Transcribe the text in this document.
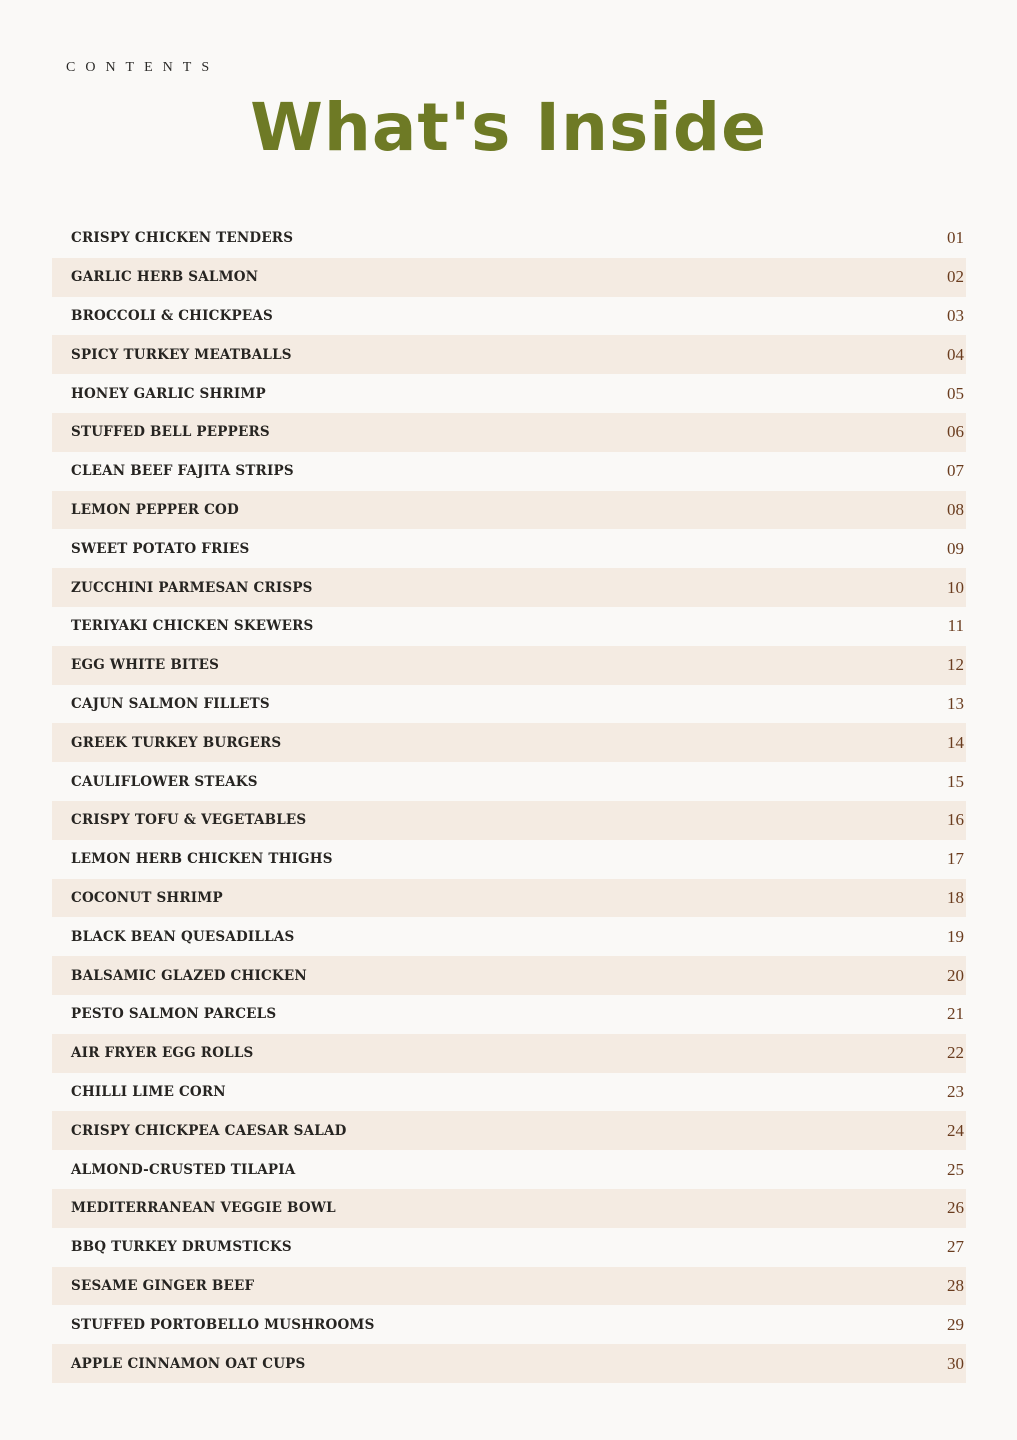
CONTENTS
What's Inside
CRISPY CHICKEN TENDERS	01
GARLIC HERB SALMON	02
BROCCOLI & CHICKPEAS	03
SPICY TURKEY MEATBALLS	04
HONEY GARLIC SHRIMP	05
STUFFED BELL PEPPERS	06
CLEAN BEEF FAJITA STRIPS	07
LEMON PEPPER COD	08
SWEET POTATO FRIES	09
ZUCCHINI PARMESAN CRISPS	10
TERIYAKI CHICKEN SKEWERS	11
EGG WHITE BITES	12
CAJUN SALMON FILLETS	13
GREEK TURKEY BURGERS	14
CAULIFLOWER STEAKS	15
CRISPY TOFU & VEGETABLES	16
LEMON HERB CHICKEN THIGHS	17
COCONUT SHRIMP	18
BLACK BEAN QUESADILLAS	19
BALSAMIC GLAZED CHICKEN	20
PESTO SALMON PARCELS	21
AIR FRYER EGG ROLLS	22
CHILLI LIME CORN	23
CRISPY CHICKPEA CAESAR SALAD	24
ALMOND-CRUSTED TILAPIA	25
MEDITERRANEAN VEGGIE BOWL	26
BBQ TURKEY DRUMSTICKS	27
SESAME GINGER BEEF	28
STUFFED PORTOBELLO MUSHROOMS	29
APPLE CINNAMON OAT CUPS	30
